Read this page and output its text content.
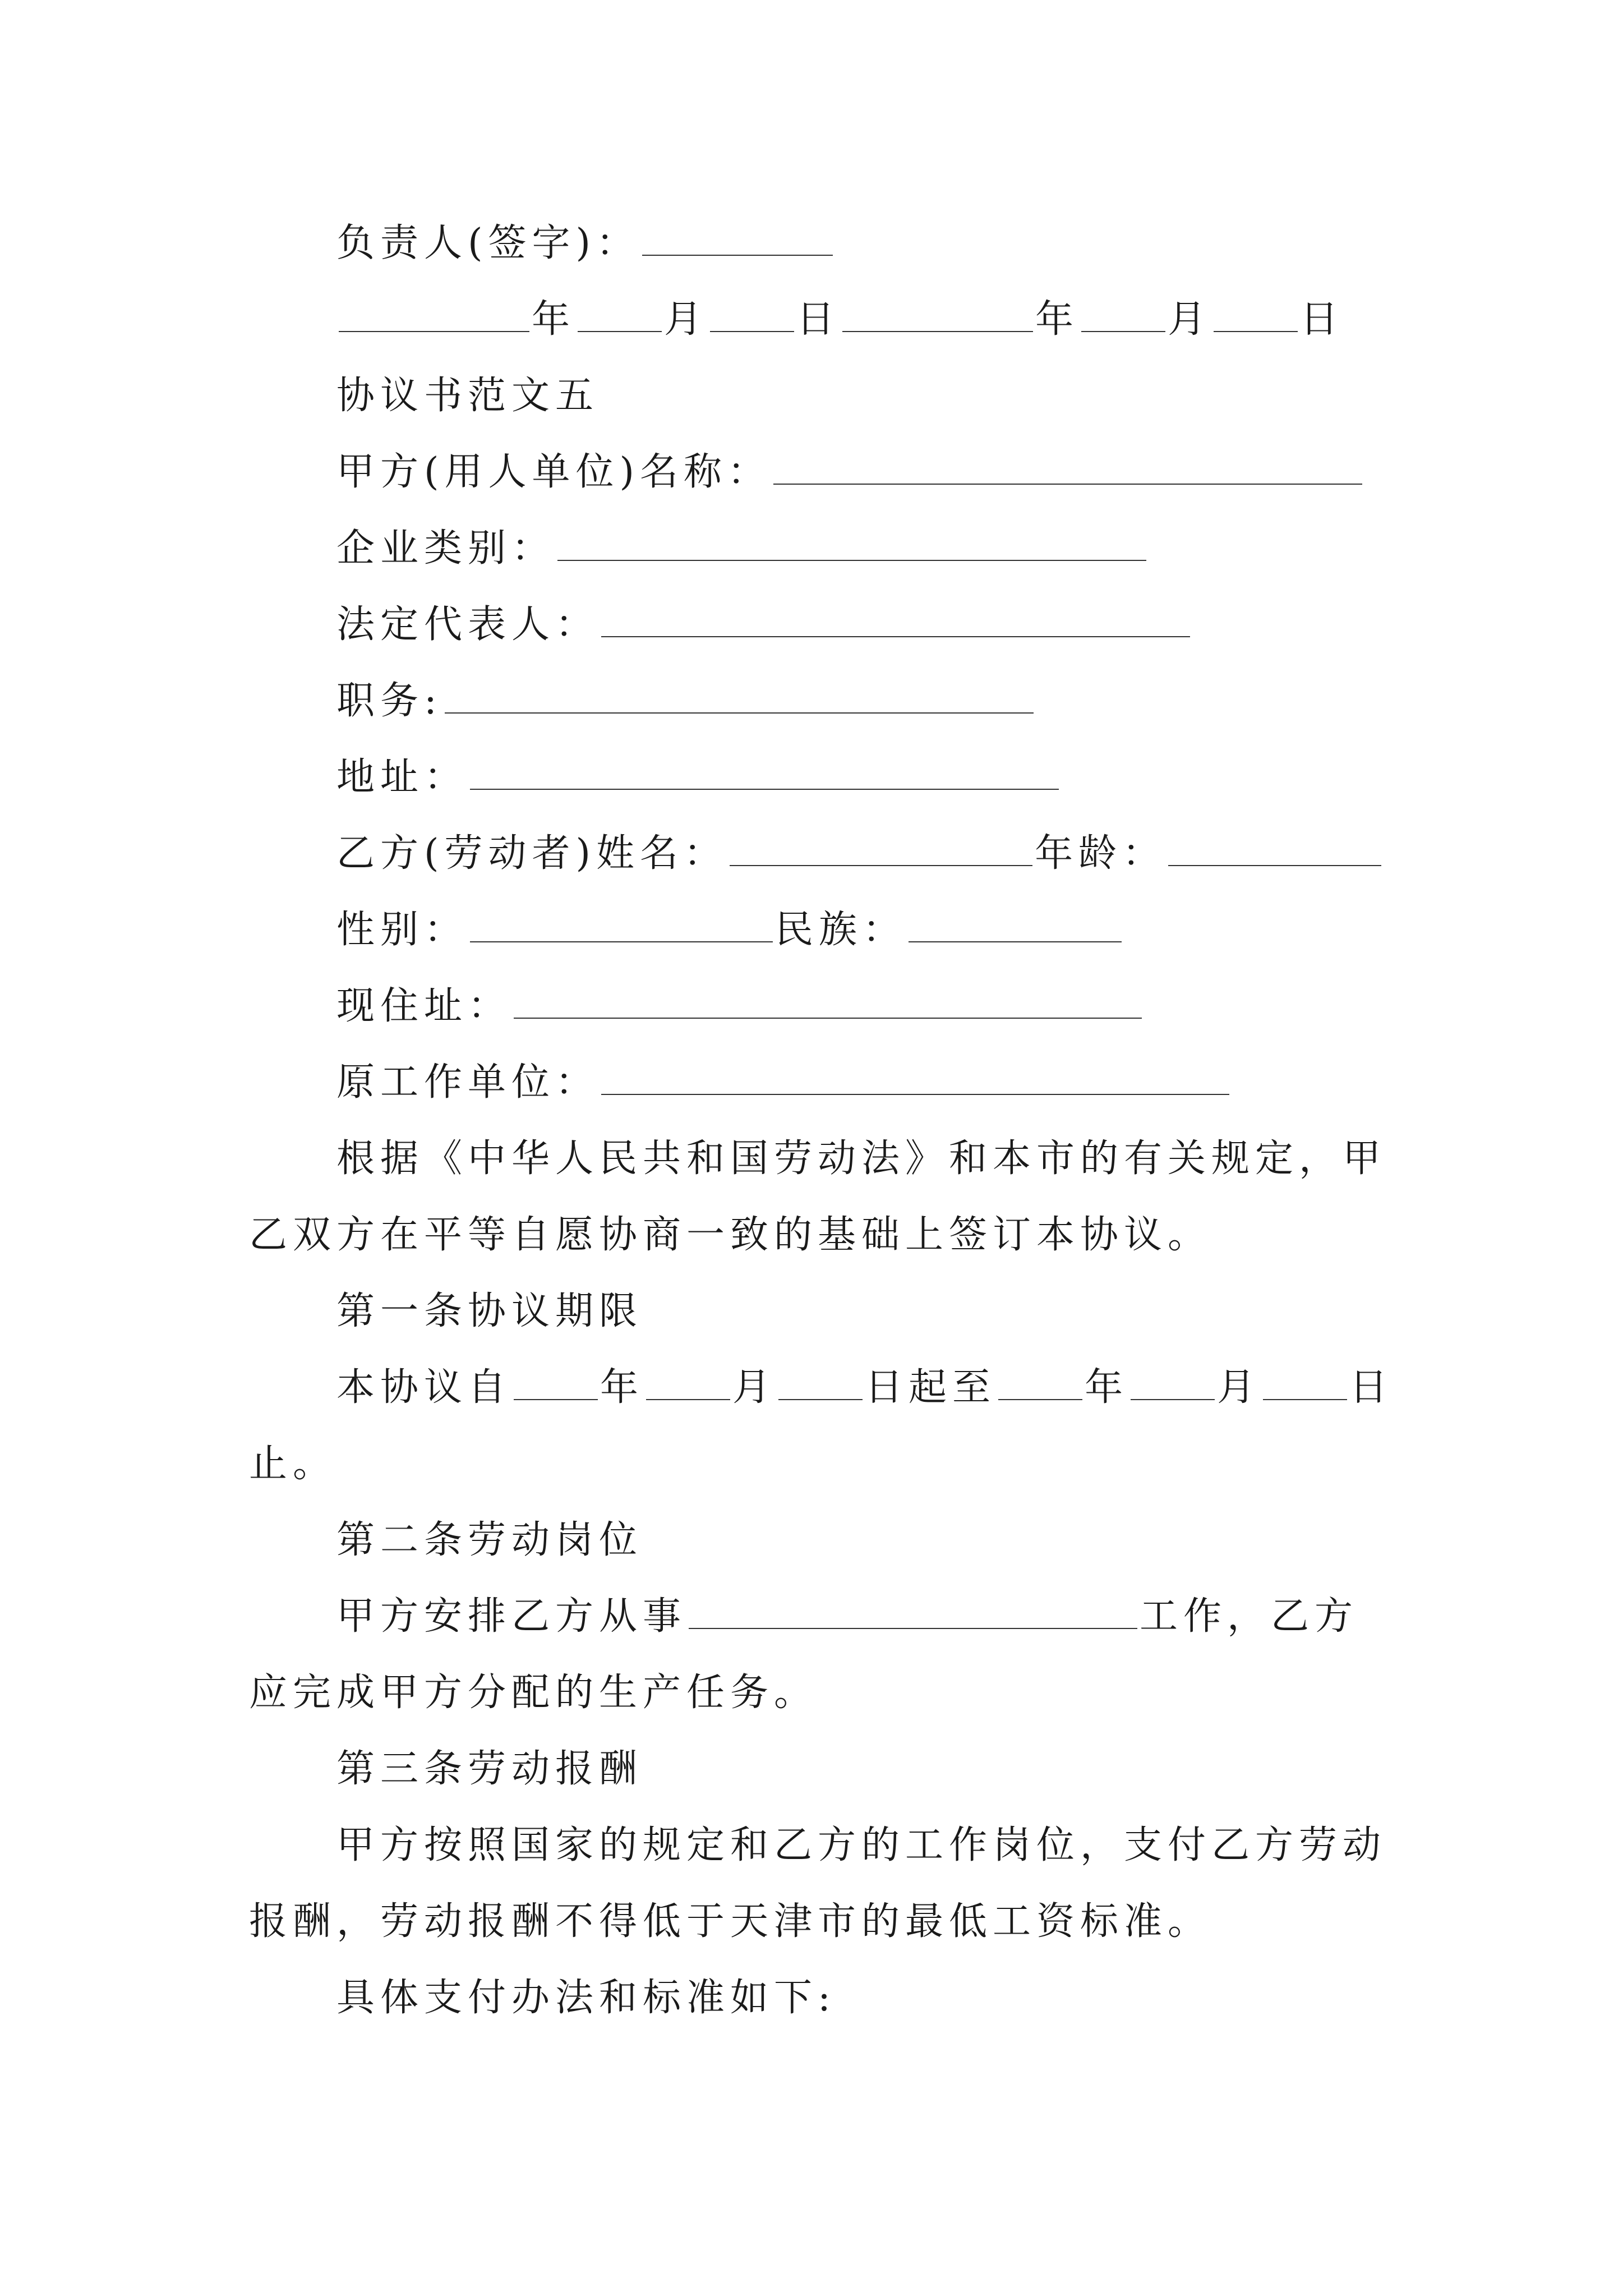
负责人(签字)：
年 月 日	年 月 日
协议书范文五
甲方(用人单位)名称：
企业类别：
法定代表人：
职务:
地址：
乙方(劳动者)姓名：	年龄：
性别：	民族：
现住址：
原工作单位：
根据《中华人民共和国劳动法》和本市的有关规定，甲
乙双方在平等自愿协商一致的基础上签订本协议。
第一条协议期限
本协议自 年 月 日起至 年 月 日
止。
第二条劳动岗位
甲方安排乙方从事	工作，乙方
应完成甲方分配的生产任务。
第三条劳动报酬
甲方按照国家的规定和乙方的工作岗位，支付乙方劳动
报酬，劳动报酬不得低于天津市的最低工资标准。
具体支付办法和标准如下:
